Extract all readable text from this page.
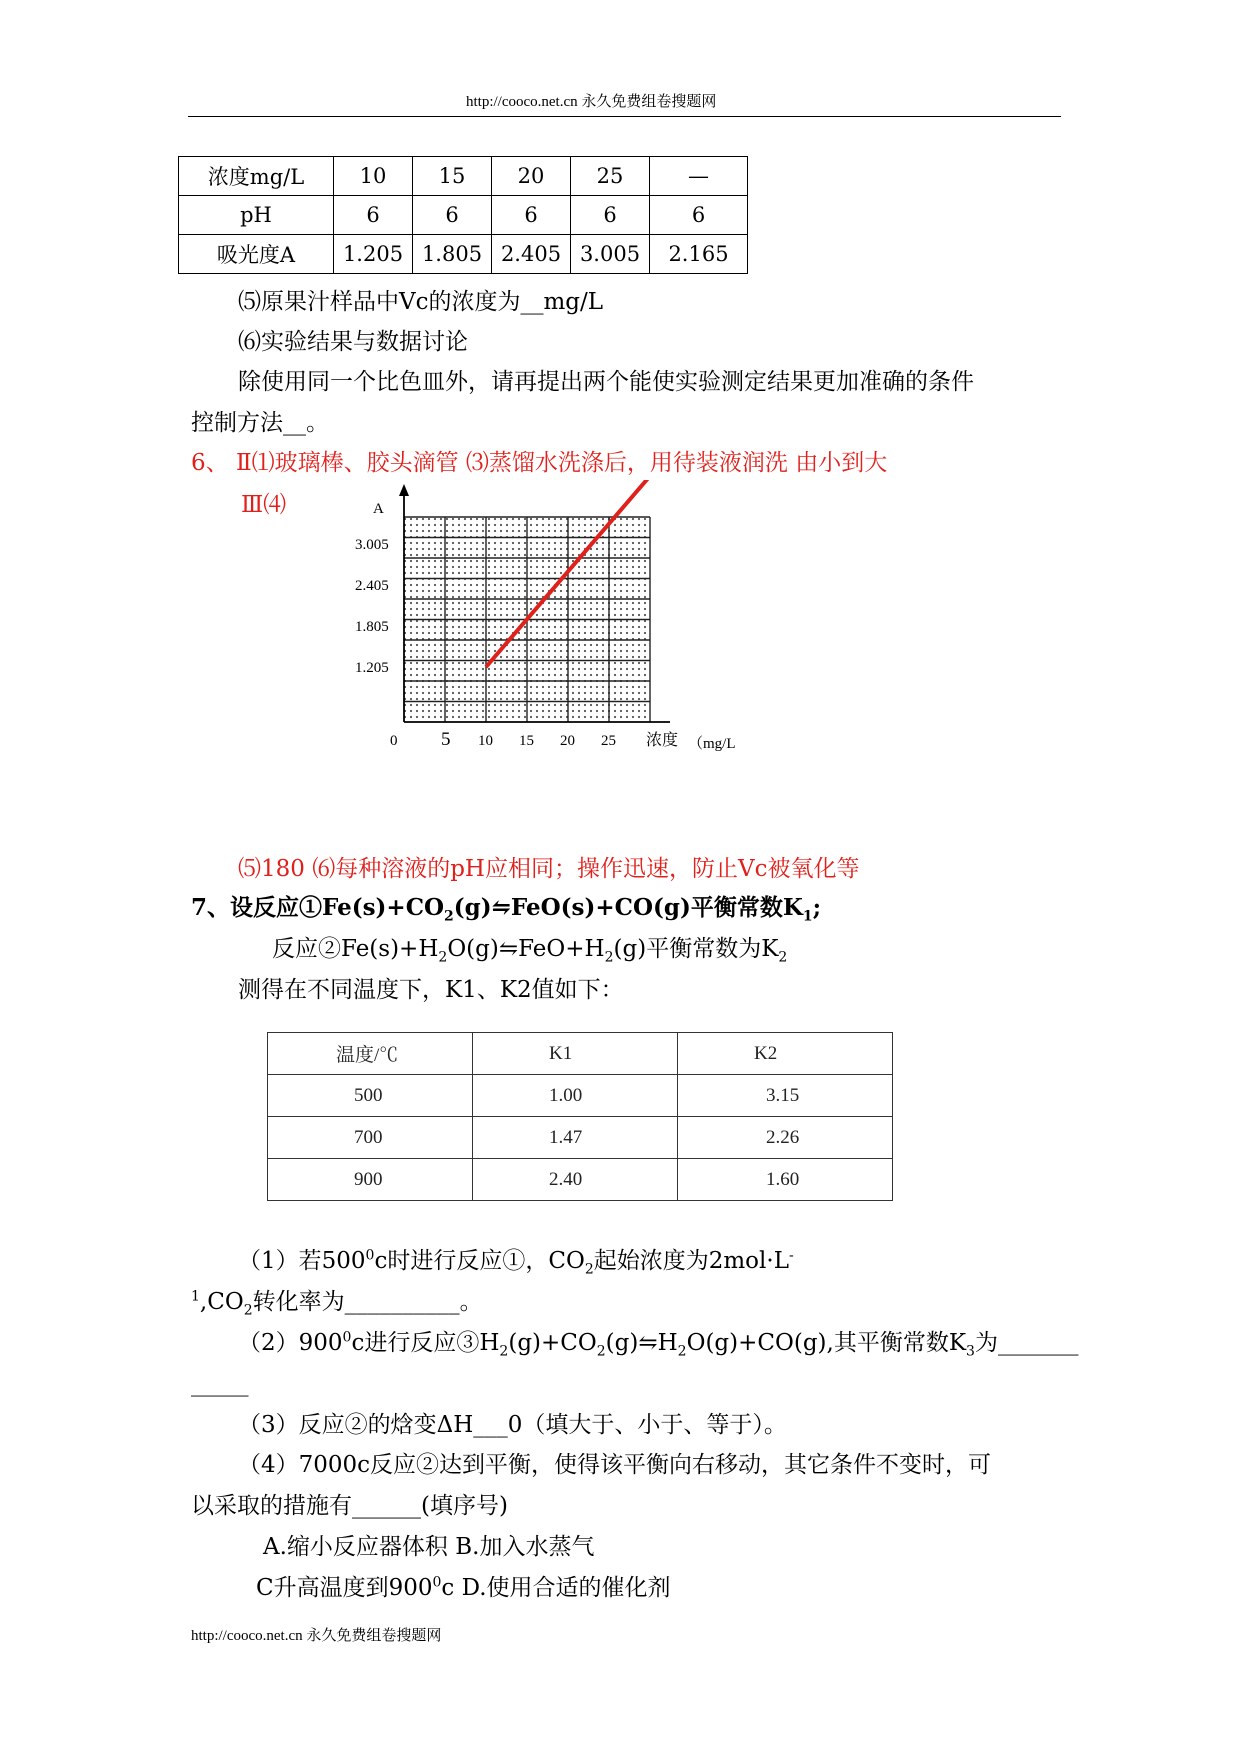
http://cooco.net.cn 永久免费组卷搜题网
浓度mg/L	10	15	20	25	—
pH	6	6	6	6	6
吸光度A	1.205	1.805	2.405	3.005	2.165
⑸原果汁样品中Vc的浓度为__mg/L
⑹实验结果与数据讨论
除使用同一个比色皿外，请再提出两个能使实验测定结果更加准确的条件
控制方法__。
6、 Ⅱ⑴玻璃棒、胶头滴管 ⑶蒸馏水洗涤后，用待装液润洗 由小到大
Ⅲ⑷	A
浓度 （mg/L
0 5 10 15 20 25
1.205
1.805
2.405
3.005
⑸180 ⑹每种溶液的pH应相同；操作迅速，防止Vc被氧化等
7、设反应$①Fe(s)+CO_2(g)⇋FeO(s)+CO(g)$平衡常数$K_1$;
反应$②Fe(s)+H_2O(g)⇋FeO+H_2(g)$平衡常数为$K_2$
测得在不同温度下，K1、K2值如下：
温度/℃	K1	K2
500	1.00	3.15
700	1.47	2.26
900	2.40	1.60
（1）若$500^0c$时进行反应①，$CO_2$起始浓度为2mol·L-
$^1,CO_2$转化率为__________。
$(2)900^0c$进行反应$③H_2(g)+CO_2(g)⇋H_2O(g)+CO(g)$,其平衡常数$K_3$为_______
_____
（3）反应②的焓变ΔH___0（填大于、小于、等于）。
（4）7000c反应②达到平衡，使得该平衡向右移动，其它条件不变时，可
以采取的措施有______(填序号)
A.缩小反应器体积 B.加入水蒸气
C升高温度到$900^0c$ D.使用合适的催化剂
http://cooco.net.cn 永久免费组卷搜题网
